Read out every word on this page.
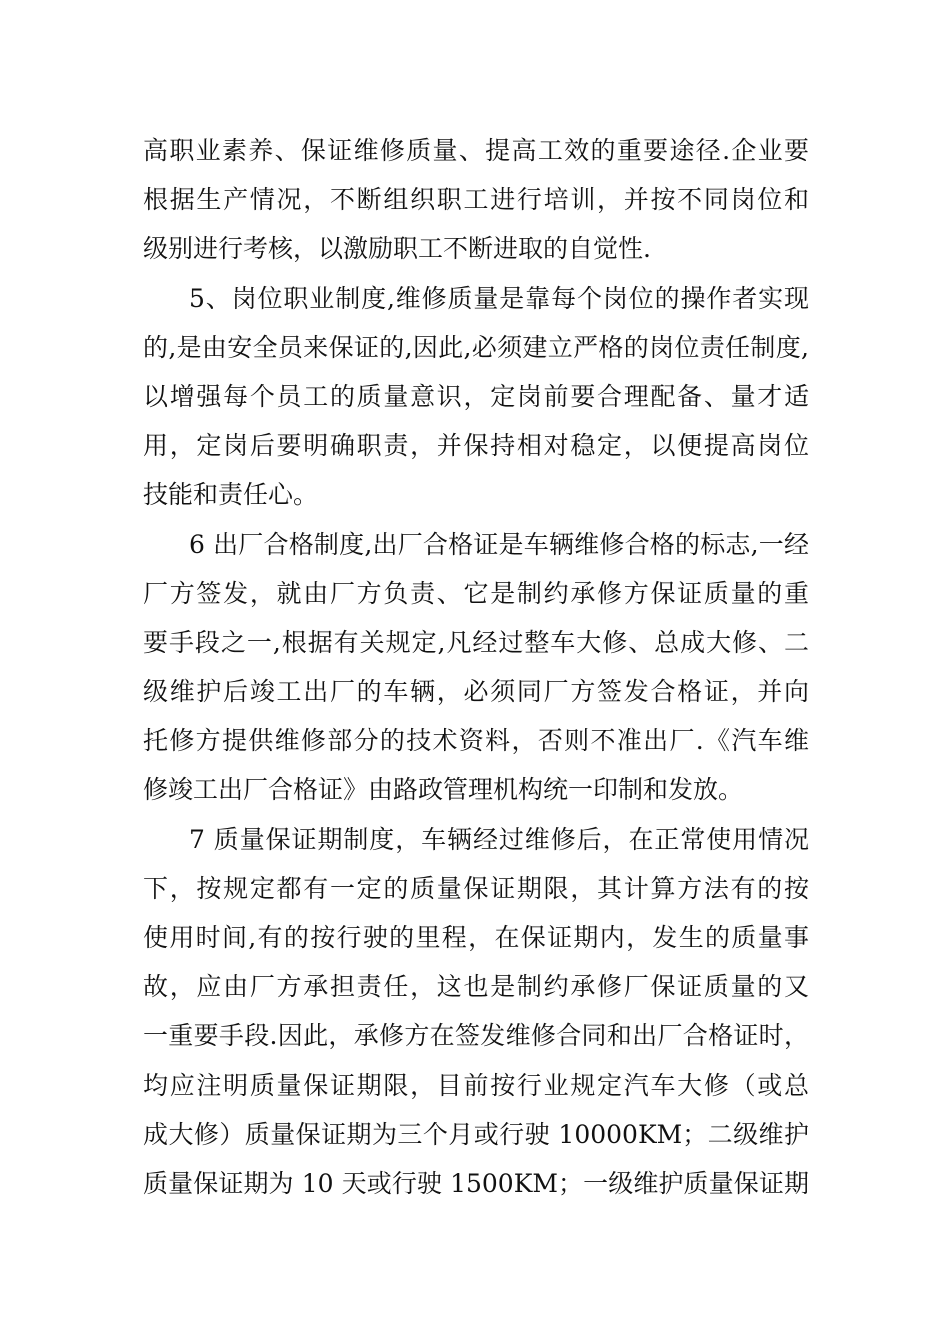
高职业素养、保证维修质量、提高工效的重要途径.企业要
根据生产情况，不断组织职工进行培训，并按不同岗位和
级别进行考核，以激励职工不断进取的自觉性.
5、岗位职业制度,维修质量是靠每个岗位的操作者实现
的,是由安全员来保证的,因此,必须建立严格的岗位责任制度,
以增强每个员工的质量意识，定岗前要合理配备、量才适
用，定岗后要明确职责，并保持相对稳定，以便提高岗位
技能和责任心。
6 出厂合格制度,出厂合格证是车辆维修合格的标志,一经
厂方签发，就由厂方负责、它是制约承修方保证质量的重
要手段之一,根据有关规定,凡经过整车大修、总成大修、二
级维护后竣工出厂的车辆，必须同厂方签发合格证，并向
托修方提供维修部分的技术资料，否则不准出厂.《汽车维
修竣工出厂合格证》由路政管理机构统一印制和发放。
7 质量保证期制度，车辆经过维修后，在正常使用情况
下，按规定都有一定的质量保证期限，其计算方法有的按
使用时间,有的按行驶的里程，在保证期内，发生的质量事
故，应由厂方承担责任，这也是制约承修厂保证质量的又
一重要手段.因此，承修方在签发维修合同和出厂合格证时，
均应注明质量保证期限，目前按行业规定汽车大修（或总
成大修）质量保证期为三个月或行驶 10000KM；二级维护
质量保证期为 10 天或行驶 1500KM；一级维护质量保证期
